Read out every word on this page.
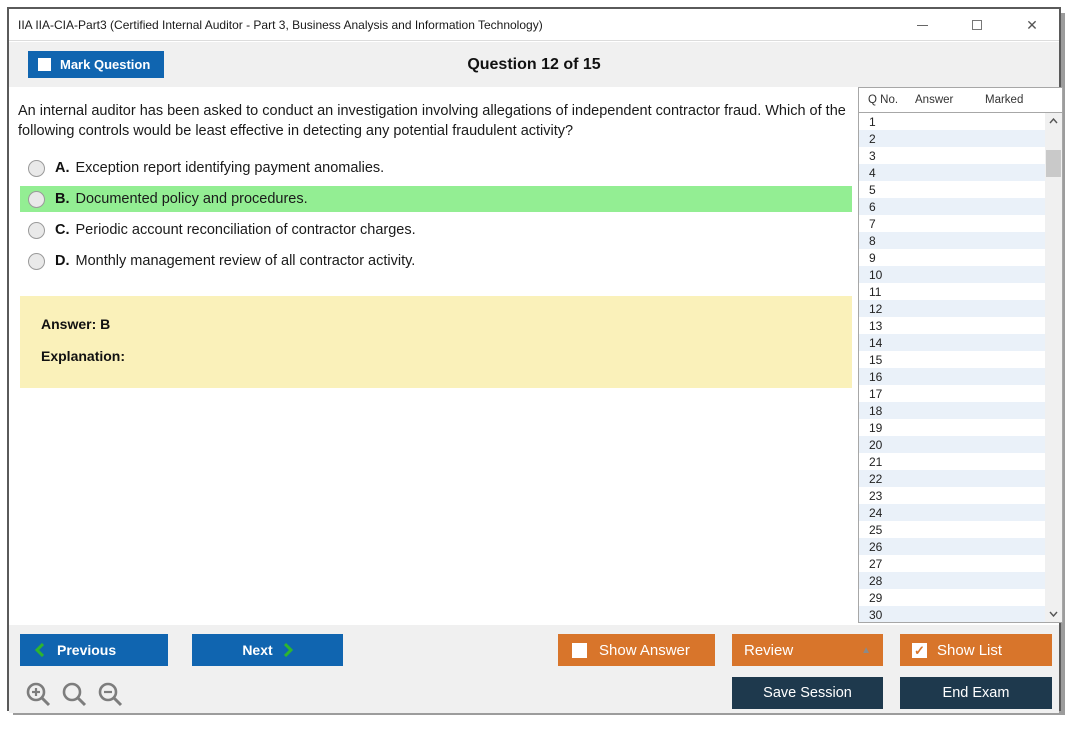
IIA IIA-CIA-Part3 (Certified Internal Auditor - Part 3, Business Analysis and Information Technology)	✕
Mark Question	Question 12 of 15
An internal auditor has been asked to conduct an investigation involving allegations of independent contractor fraud. Which of the following controls would be least effective in detecting any potential fraudulent activity?
A. Exception report identifying payment anomalies.
B. Documented policy and procedures.
C. Periodic account reconciliation of contractor charges.
D. Monthly management review of all contractor activity.
Answer: B
Explanation:
Q No.	Answer	Marked
1
2
3
4
5
6
7
8
9
10
11
12
13
14
15
16
17
18
19
20
21
22
23
24
25
26
27
28
29
30
Previous	Next	Show Answer	Review	▲	✓ Show List
Save Session	End Exam
